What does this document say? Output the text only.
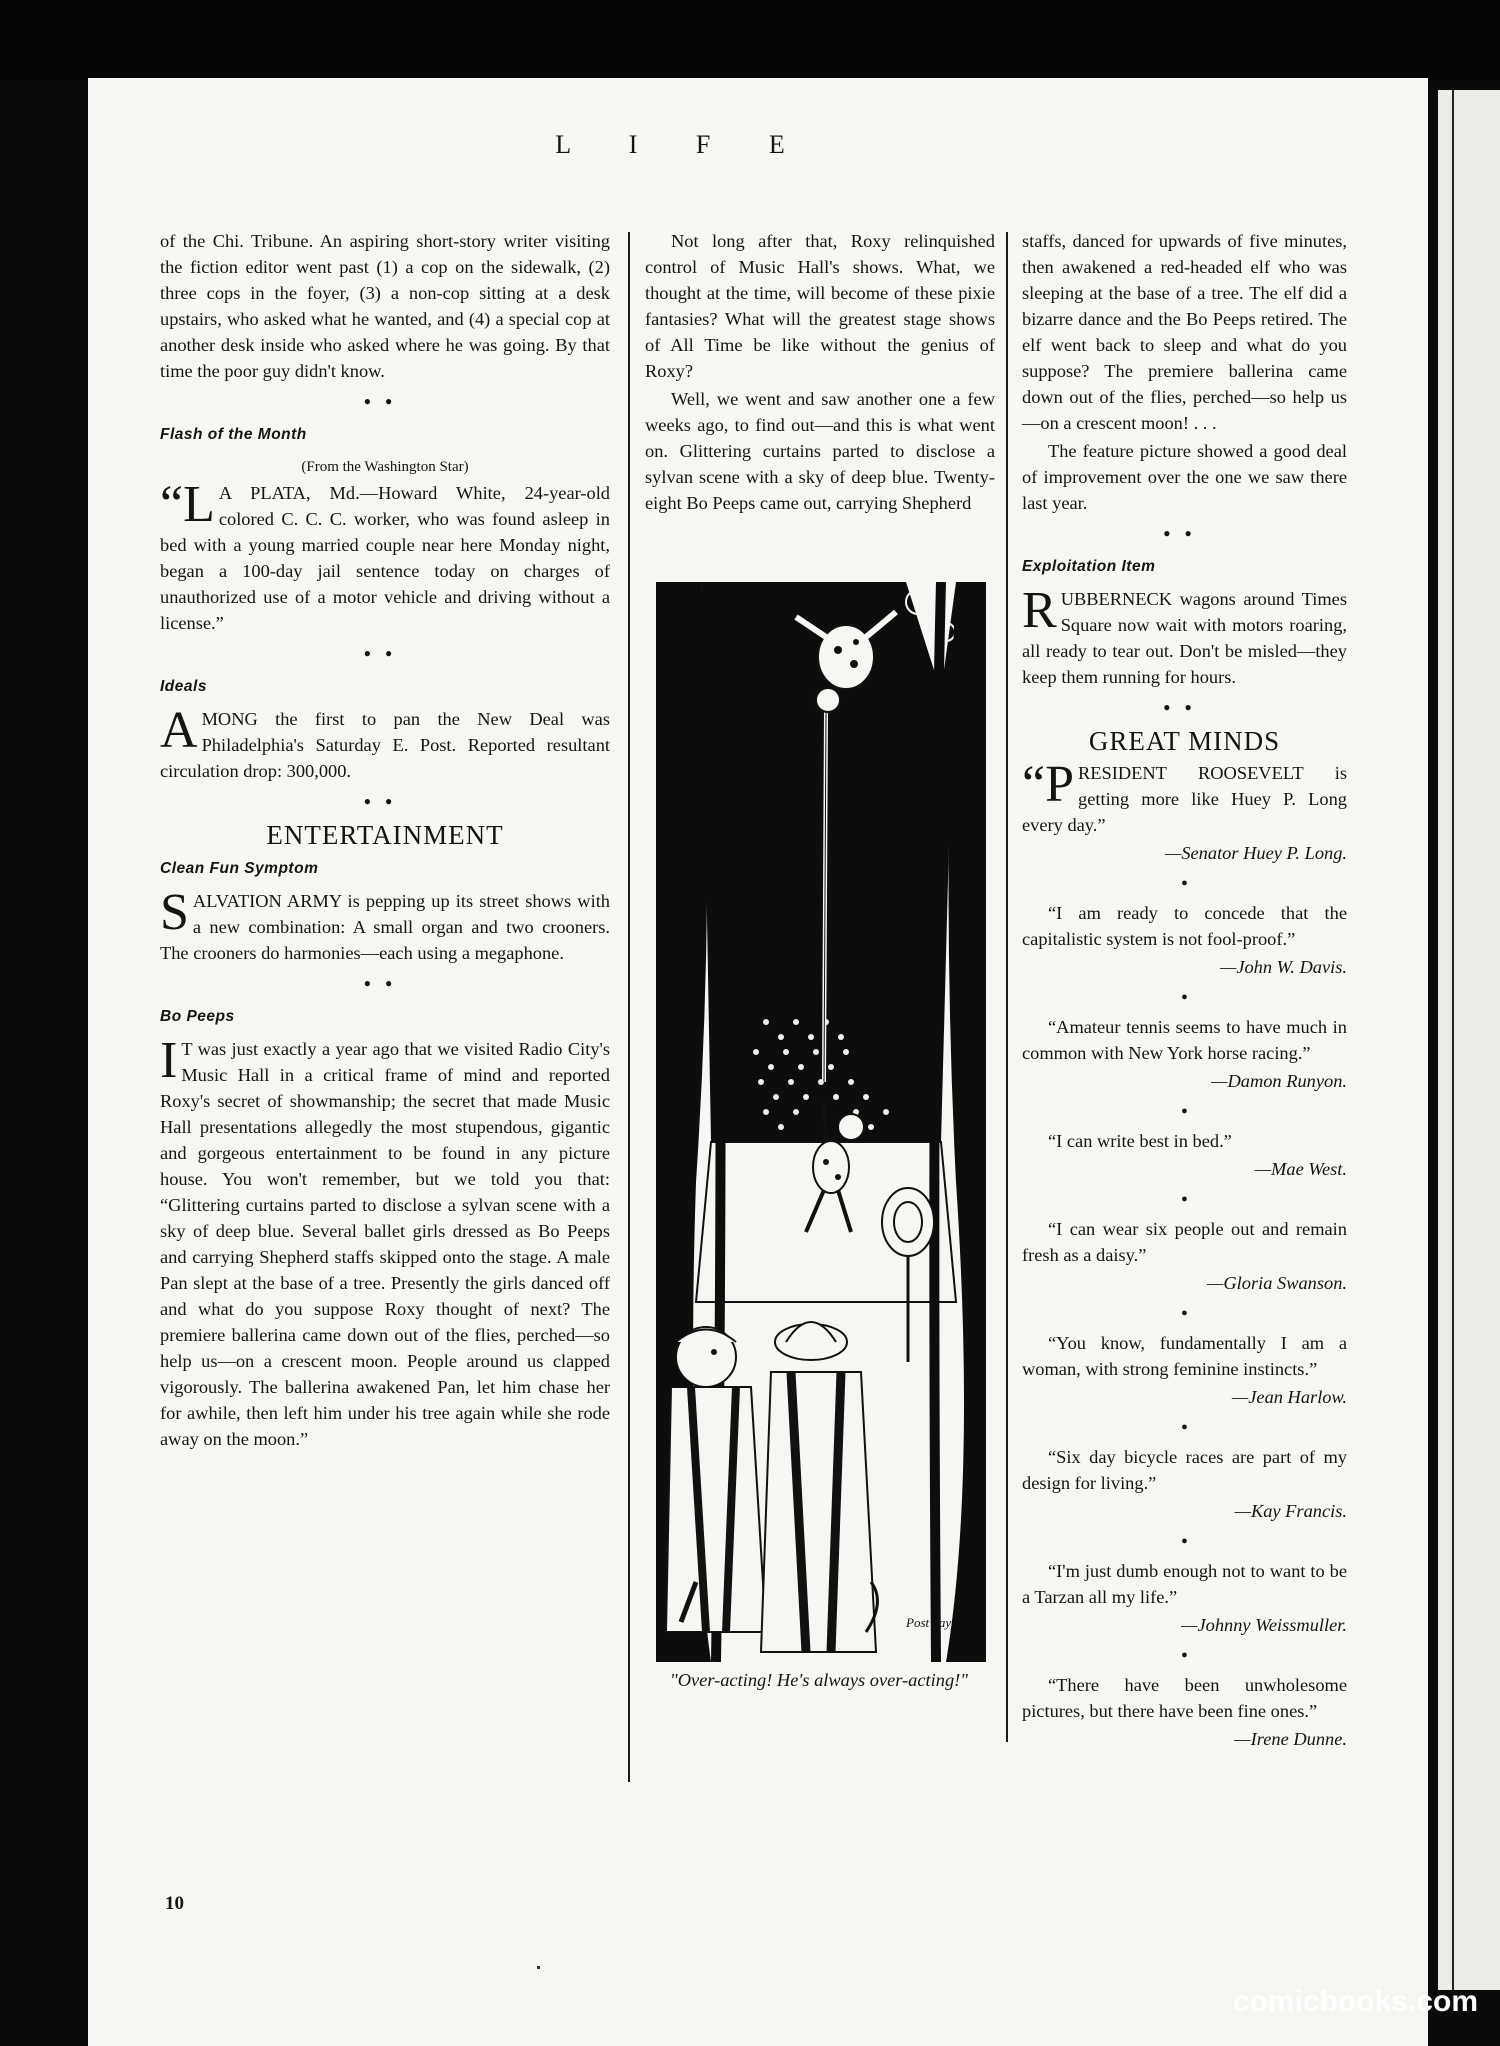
L I F E

of the Chi. Tribune. An aspiring short-story writer visiting the fiction editor went past (1) a cop on the sidewalk, (2) three cops in the foyer, (3) a non-cop sitting at a desk upstairs, who asked what he wanted, and (4) a special cop at another desk inside who asked where he was going. By that time the poor guy didn't know.

●●
Flash of the Month

(From the Washington Star)

“L A PLATA, Md.—Howard White, 24-year-old colored C. C. C. worker, who was found asleep in bed with a young married couple near here Monday night, began a 100-day jail sentence today on charges of unauthorized use of a motor vehicle and driving without a license.”

●●
Ideals

AMONG the first to pan the New Deal was Philadelphia's Saturday E. Post. Reported resultant circulation drop: 300,000.

●●
ENTERTAINMENT
Clean Fun Symptom

SALVATION ARMY is pepping up its street shows with a new combination: A small organ and two crooners. The crooners do harmonies—each using a megaphone.

●●
Bo Peeps

I T was just exactly a year ago that we visited Radio City's Music Hall in a critical frame of mind and reported Roxy's secret of showmanship; the secret that made Music Hall presentations allegedly the most stupendous, gigantic and gorgeous entertainment to be found in any picture house. You won't remember, but we told you that: “Glittering curtains parted to disclose a sylvan scene with a sky of deep blue. Several ballet girls dressed as Bo Peeps and carrying Shepherd staffs skipped onto the stage. A male Pan slept at the base of a tree. Presently the girls danced off and what do you suppose Roxy thought of next? The premiere ballerina came down out of the flies, perched—so help us—on a crescent moon. People around us clapped vigorously. The ballerina awakened Pan, let him chase her for awhile, then left him under his tree again while she rode away on the moon.”

Not long after that, Roxy relinquished control of Music Hall's shows. What, we thought at the time, will become of these pixie fantasies? What will the greatest stage shows of All Time be like without the genius of Roxy?

Well, we went and saw another one a few weeks ago, to find out—and this is what went on. Glittering curtains parted to disclose a sylvan scene with a sky of deep blue. Twenty-eight Bo Peeps came out, carrying Shepherd

Post day
"Over-acting! He's always over-acting!"

staffs, danced for upwards of five minutes, then awakened a red-headed elf who was sleeping at the base of a tree. The elf did a bizarre dance and the Bo Peeps retired. The elf went back to sleep and what do you suppose? The premiere ballerina came down out of the flies, perched—so help us—on a crescent moon! . . .

The feature picture showed a good deal of improvement over the one we saw there last year.

●●
Exploitation Item

RUBBERNECK wagons around Times Square now wait with motors roaring, all ready to tear out. Don't be misled—they keep them running for hours.

●●
GREAT MINDS

“PRESIDENT ROOSEVELT is getting more like Huey P. Long every day.”

—Senator Huey P. Long.

●

“I am ready to concede that the capitalistic system is not fool-proof.”

—John W. Davis.

●

“Amateur tennis seems to have much in common with New York horse racing.”

—Damon Runyon.

●

“I can write best in bed.”

—Mae West.

●

“I can wear six people out and remain fresh as a daisy.”

—Gloria Swanson.

●

“You know, fundamentally I am a woman, with strong feminine instincts.”

—Jean Harlow.

●

“Six day bicycle races are part of my design for living.”

—Kay Francis.

●

“I'm just dumb enough not to want to be a Tarzan all my life.”

—Johnny Weissmuller.

●

“There have been unwholesome pictures, but there have been fine ones.”

—Irene Dunne.

10
comicbooks.com
